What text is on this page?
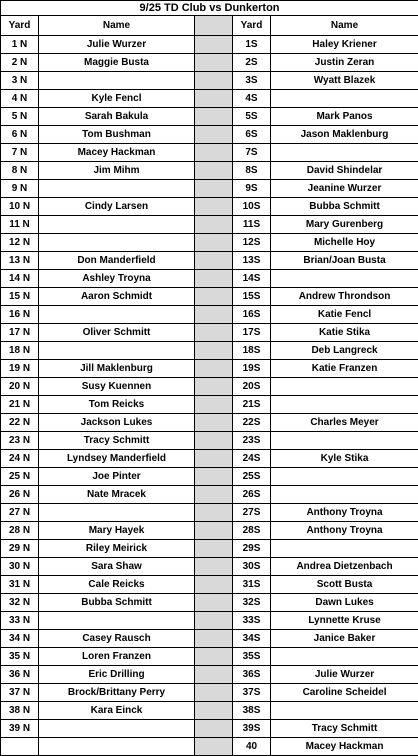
9/25 TD Club vs Dunkerton				
Yard	Name		Yard	Name
1 N	Julie Wurzer		1S	Haley Kriener
2 N	Maggie Busta		2S	Justin Zeran
3 N			3S	Wyatt Blazek
4 N	Kyle Fencl		4S	
5 N	Sarah Bakula		5S	Mark Panos
6 N	Tom Bushman		6S	Jason Maklenburg
7 N	Macey Hackman		7S	
8 N	Jim Mihm		8S	David Shindelar
9 N			9S	Jeanine Wurzer
10 N	Cindy Larsen		10S	Bubba Schmitt
11 N			11S	Mary Gurenberg
12 N			12S	Michelle Hoy
13 N	Don Manderfield		13S	Brian/Joan Busta
14 N	Ashley Troyna		14S	
15 N	Aaron Schmidt		15S	Andrew Throndson
16 N			16S	Katie Fencl
17 N	Oliver Schmitt		17S	Katie Stika
18 N			18S	Deb Langreck
19 N	Jill Maklenburg		19S	Katie Franzen
20 N	Susy Kuennen		20S	
21 N	Tom Reicks		21S	
22 N	Jackson Lukes		22S	Charles Meyer
23 N	Tracy Schmitt		23S	
24 N	Lyndsey Manderfield		24S	Kyle Stika
25 N	Joe Pinter		25S	
26 N	Nate Mracek		26S	
27 N			27S	Anthony Troyna
28 N	Mary Hayek		28S	Anthony Troyna
29 N	Riley Meirick		29S	
30 N	Sara Shaw		30S	Andrea Dietzenbach
31 N	Cale Reicks		31S	Scott Busta
32 N	Bubba Schmitt		32S	Dawn Lukes
33 N			33S	Lynnette Kruse
34 N	Casey Rausch		34S	Janice Baker
35 N	Loren Franzen		35S	
36 N	Eric Drilling		36S	Julie Wurzer
37 N	Brock/Brittany Perry		37S	Caroline Scheidel
38 N	Kara Einck		38S	
39 N			39S	Tracy Schmitt
			40	Macey Hackman
